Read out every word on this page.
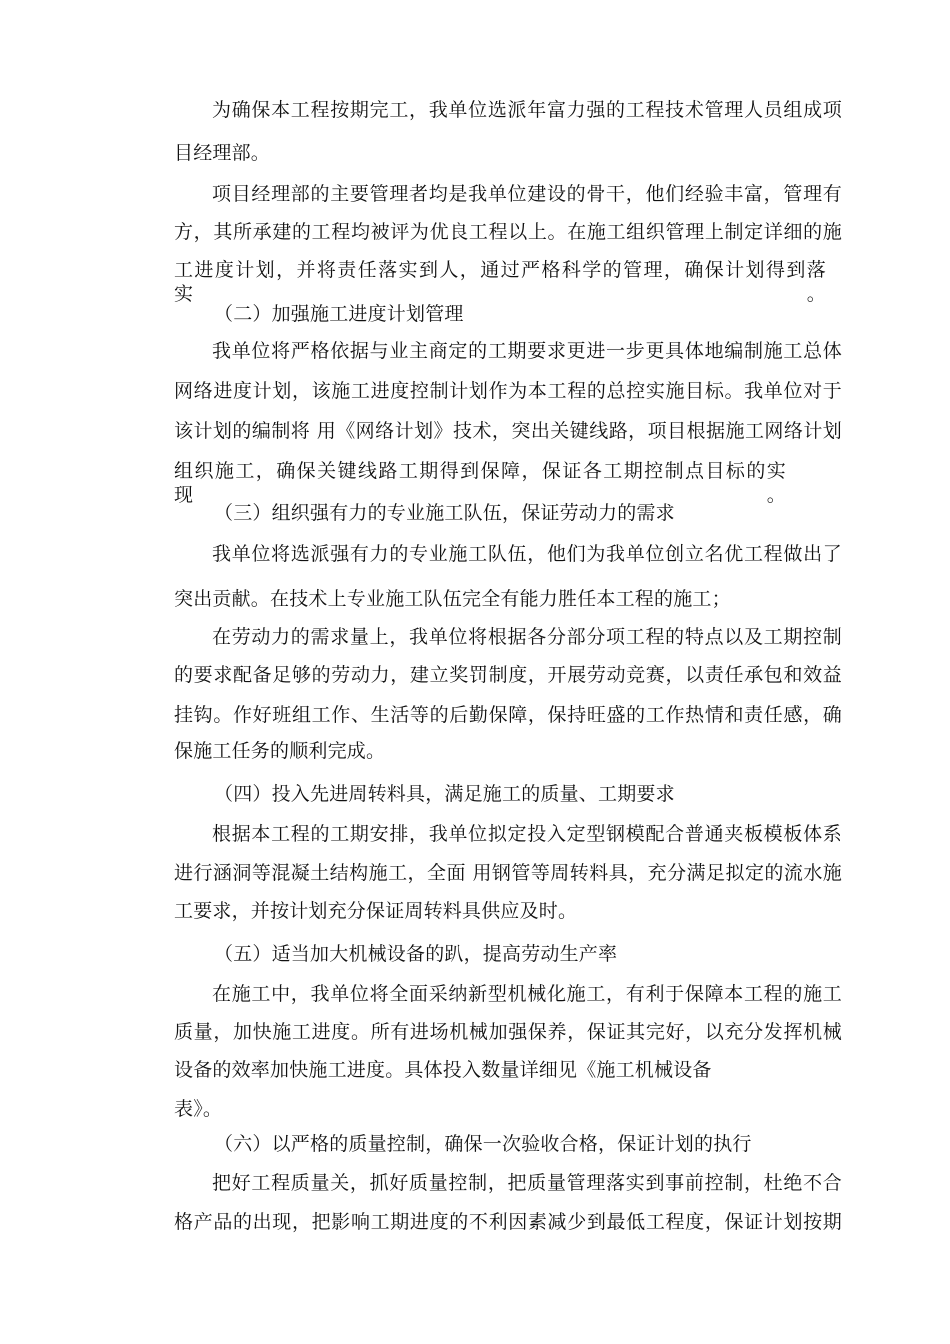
为确保本工程按期完工，我单位选派年富力强的工程技术管理人员组成项
目经理部。
项目经理部的主要管理者均是我单位建设的骨干，他们经验丰富，管理有
方，其所承建的工程均被评为优良工程以上。在施工组织管理上制定详细的施
工进度计划，并将责任落实到人，通过严格科学的管理，确保计划得到落实。
（二）加强施工进度计划管理
我单位将严格依据与业主商定的工期要求更进一步更具体地编制施工总体
网络进度计划，该施工进度控制计划作为本工程的总控实施目标。我单位对于
该计划的编制将 用《网络计划》技术，突出关键线路，项目根据施工网络计划
组织施工，确保关键线路工期得到保障，保证各工期控制点目标的实现。
（三）组织强有力的专业施工队伍，保证劳动力的需求
我单位将选派强有力的专业施工队伍，他们为我单位创立名优工程做出了
突出贡献。在技术上专业施工队伍完全有能力胜任本工程的施工；
在劳动力的需求量上，我单位将根据各分部分项工程的特点以及工期控制
的要求配备足够的劳动力，建立奖罚制度，开展劳动竞赛，以责任承包和效益
挂钩。作好班组工作、生活等的后勤保障，保持旺盛的工作热情和责任感，确
保施工任务的顺利完成。
（四）投入先进周转料具，满足施工的质量、工期要求
根据本工程的工期安排，我单位拟定投入定型钢模配合普通夹板模板体系
进行涵洞等混凝土结构施工，全面 用钢管等周转料具，充分满足拟定的流水施
工要求，并按计划充分保证周转料具供应及时。
（五）适当加大机械设备的趴，提高劳动生产率
在施工中，我单位将全面采纳新型机械化施工，有利于保障本工程的施工
质量，加快施工进度。所有进场机械加强保养，保证其完好，以充分发挥机械
设备的效率加快施工进度。具体投入数量详细见《施工机械设备
表》。
（六）以严格的质量控制，确保一次验收合格，保证计划的执行
把好工程质量关，抓好质量控制，把质量管理落实到事前控制，杜绝不合
格产品的出现，把影响工期进度的不利因素减少到最低工程度，保证计划按期
